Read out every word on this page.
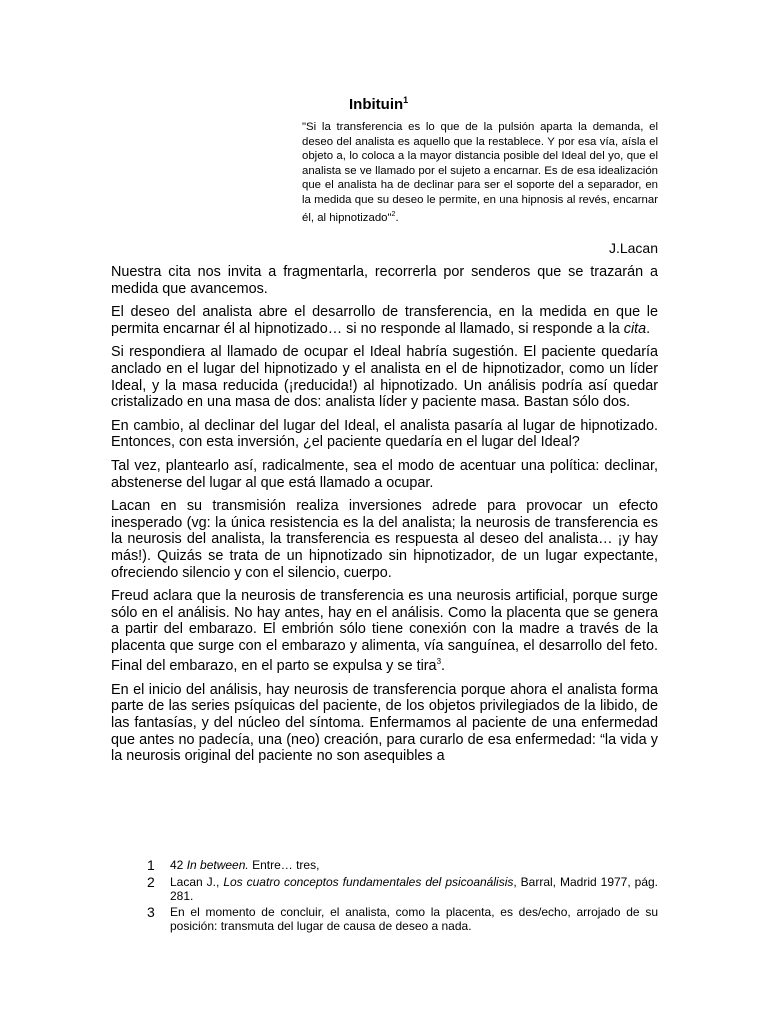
Inbituin$^1$
"Si la transferencia es lo que de la pulsión aparta la demanda, el deseo del analista es aquello que la restablece. Y por esa vía, aísla el objeto a, lo coloca a la mayor distancia posible del Ideal del yo, que el analista se ve llamado por el sujeto a encarnar. Es de esa idealización que el analista ha de declinar para ser el soporte del a separador, en la medida que su deseo le permite, en una hipnosis al revés, encarnar él, al hipnotizado"$^2$.
J.Lacan

Nuestra cita nos invita a fragmentarla, recorrerla por senderos que se trazarán a medida que avancemos.

El deseo del analista abre el desarrollo de transferencia, en la medida en que le permita encarnar él al hipnotizado… si no responde al llamado, si responde a la cita.

Si respondiera al llamado de ocupar el Ideal habría sugestión. El paciente quedaría anclado en el lugar del hipnotizado y el analista en el de hipnotizador, como un líder Ideal, y la masa reducida (¡reducida!) al hipnotizado. Un análisis podría así quedar cristalizado en una masa de dos: analista líder y paciente masa. Bastan sólo dos.

En cambio, al declinar del lugar del Ideal, el analista pasaría al lugar de hipnotizado. Entonces, con esta inversión, ¿el paciente quedaría en el lugar del Ideal?

Tal vez, plantearlo así, radicalmente, sea el modo de acentuar una política: declinar, abstenerse del lugar al que está llamado a ocupar.

Lacan en su transmisión realiza inversiones adrede para provocar un efecto inesperado (vg: la única resistencia es la del analista; la neurosis de transferencia es la neurosis del analista, la transferencia es respuesta al deseo del analista… ¡y hay más!). Quizás se trata de un hipnotizado sin hipnotizador, de un lugar expectante, ofreciendo silencio y con el silencio, cuerpo.

Freud aclara que la neurosis de transferencia es una neurosis artificial, porque surge sólo en el análisis. No hay antes, hay en el análisis. Como la placenta que se genera a partir del embarazo. El embrión sólo tiene conexión con la madre a través de la placenta que surge con el embarazo y alimenta, vía sanguínea, el desarrollo del feto. Final del embarazo, en el parto se expulsa y se tira$^3$.

En el inicio del análisis, hay neurosis de transferencia porque ahora el analista forma parte de las series psíquicas del paciente, de los objetos privilegiados de la libido, de las fantasías, y del núcleo del síntoma. Enfermamos al paciente de una enfermedad que antes no padecía, una (neo) creación, para curarlo de esa enfermedad: “la vida y la neurosis original del paciente no son asequibles a

1	42 In between. Entre… tres,
2	Lacan J., Los cuatro conceptos fundamentales del psicoanálisis, Barral, Madrid 1977, pág. 281.
3	En el momento de concluir, el analista, como la placenta, es des/echo, arrojado de su posición: transmuta del lugar de causa de deseo a nada.
